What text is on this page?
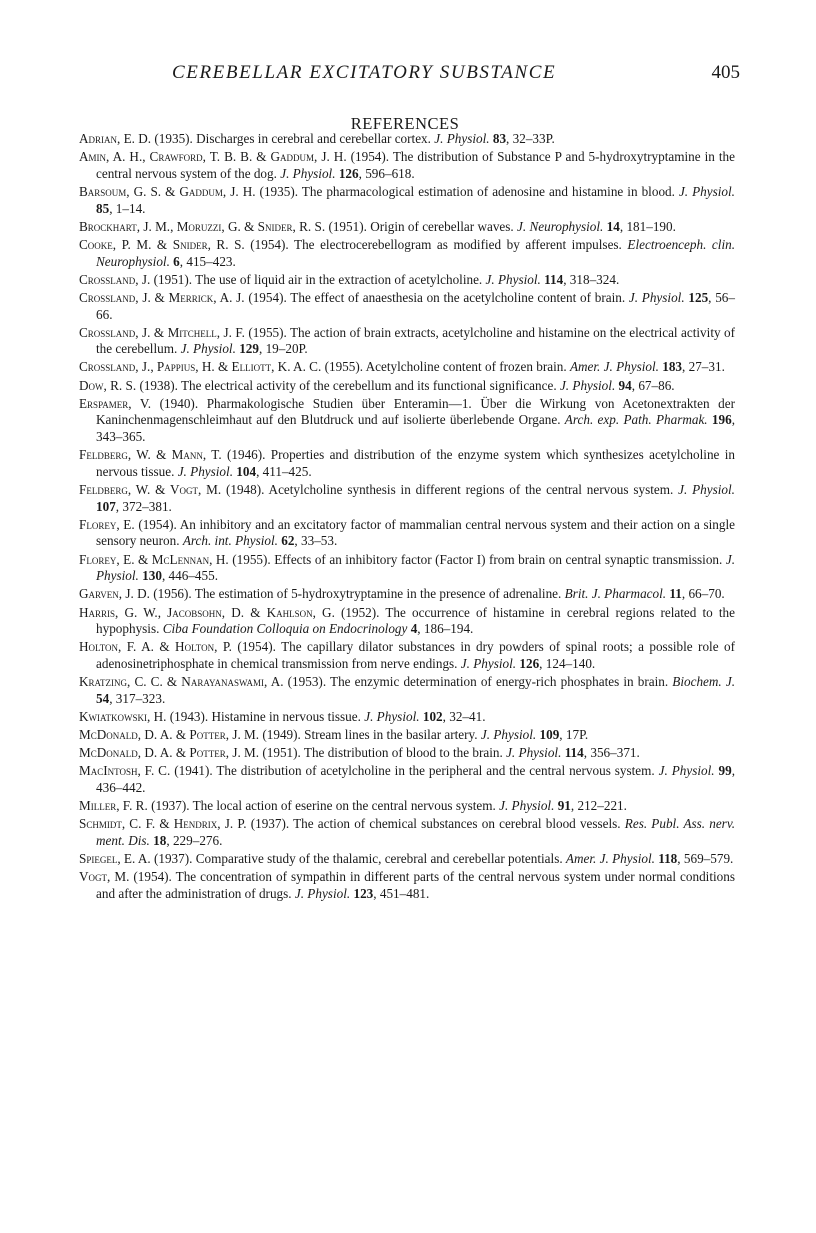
CEREBELLAR EXCITATORY SUBSTANCE	405
REFERENCES

Adrian, E. D. (1935). Discharges in cerebral and cerebellar cortex. J. Physiol. 83, 32–33P.

Amin, A. H., Crawford, T. B. B. & Gaddum, J. H. (1954). The distribution of Substance P and 5-hydroxytryptamine in the central nervous system of the dog. J. Physiol. 126, 596–618.

Barsoum, G. S. & Gaddum, J. H. (1935). The pharmacological estimation of adenosine and histamine in blood. J. Physiol. 85, 1–14.

Brockhart, J. M., Moruzzi, G. & Snider, R. S. (1951). Origin of cerebellar waves. J. Neurophysiol. 14, 181–190.

Cooke, P. M. & Snider, R. S. (1954). The electrocerebellogram as modified by afferent impulses. Electroenceph. clin. Neurophysiol. 6, 415–423.

Crossland, J. (1951). The use of liquid air in the extraction of acetylcholine. J. Physiol. 114, 318–324.

Crossland, J. & Merrick, A. J. (1954). The effect of anaesthesia on the acetylcholine content of brain. J. Physiol. 125, 56–66.

Crossland, J. & Mitchell, J. F. (1955). The action of brain extracts, acetylcholine and histamine on the electrical activity of the cerebellum. J. Physiol. 129, 19–20P.

Crossland, J., Pappius, H. & Elliott, K. A. C. (1955). Acetylcholine content of frozen brain. Amer. J. Physiol. 183, 27–31.

Dow, R. S. (1938). The electrical activity of the cerebellum and its functional significance. J. Physiol. 94, 67–86.

Erspamer, V. (1940). Pharmakologische Studien über Enteramin—1. Über die Wirkung von Acetonextrakten der Kaninchenmagenschleimhaut auf den Blutdruck und auf isolierte überlebende Organe. Arch. exp. Path. Pharmak. 196, 343–365.

Feldberg, W. & Mann, T. (1946). Properties and distribution of the enzyme system which synthesizes acetylcholine in nervous tissue. J. Physiol. 104, 411–425.

Feldberg, W. & Vogt, M. (1948). Acetylcholine synthesis in different regions of the central nervous system. J. Physiol. 107, 372–381.

Florey, E. (1954). An inhibitory and an excitatory factor of mammalian central nervous system and their action on a single sensory neuron. Arch. int. Physiol. 62, 33–53.

Florey, E. & McLennan, H. (1955). Effects of an inhibitory factor (Factor I) from brain on central synaptic transmission. J. Physiol. 130, 446–455.

Garven, J. D. (1956). The estimation of 5-hydroxytryptamine in the presence of adrenaline. Brit. J. Pharmacol. 11, 66–70.

Harris, G. W., Jacobsohn, D. & Kahlson, G. (1952). The occurrence of histamine in cerebral regions related to the hypophysis. Ciba Foundation Colloquia on Endocrinology 4, 186–194.

Holton, F. A. & Holton, P. (1954). The capillary dilator substances in dry powders of spinal roots; a possible role of adenosinetriphosphate in chemical transmission from nerve endings. J. Physiol. 126, 124–140.

Kratzing, C. C. & Narayanaswami, A. (1953). The enzymic determination of energy-rich phosphates in brain. Biochem. J. 54, 317–323.

Kwiatkowski, H. (1943). Histamine in nervous tissue. J. Physiol. 102, 32–41.

McDonald, D. A. & Potter, J. M. (1949). Stream lines in the basilar artery. J. Physiol. 109, 17P.

McDonald, D. A. & Potter, J. M. (1951). The distribution of blood to the brain. J. Physiol. 114, 356–371.

MacIntosh, F. C. (1941). The distribution of acetylcholine in the peripheral and the central nervous system. J. Physiol. 99, 436–442.

Miller, F. R. (1937). The local action of eserine on the central nervous system. J. Physiol. 91, 212–221.

Schmidt, C. F. & Hendrix, J. P. (1937). The action of chemical substances on cerebral blood vessels. Res. Publ. Ass. nerv. ment. Dis. 18, 229–276.

Spiegel, E. A. (1937). Comparative study of the thalamic, cerebral and cerebellar potentials. Amer. J. Physiol. 118, 569–579.

Vogt, M. (1954). The concentration of sympathin in different parts of the central nervous system under normal conditions and after the administration of drugs. J. Physiol. 123, 451–481.
